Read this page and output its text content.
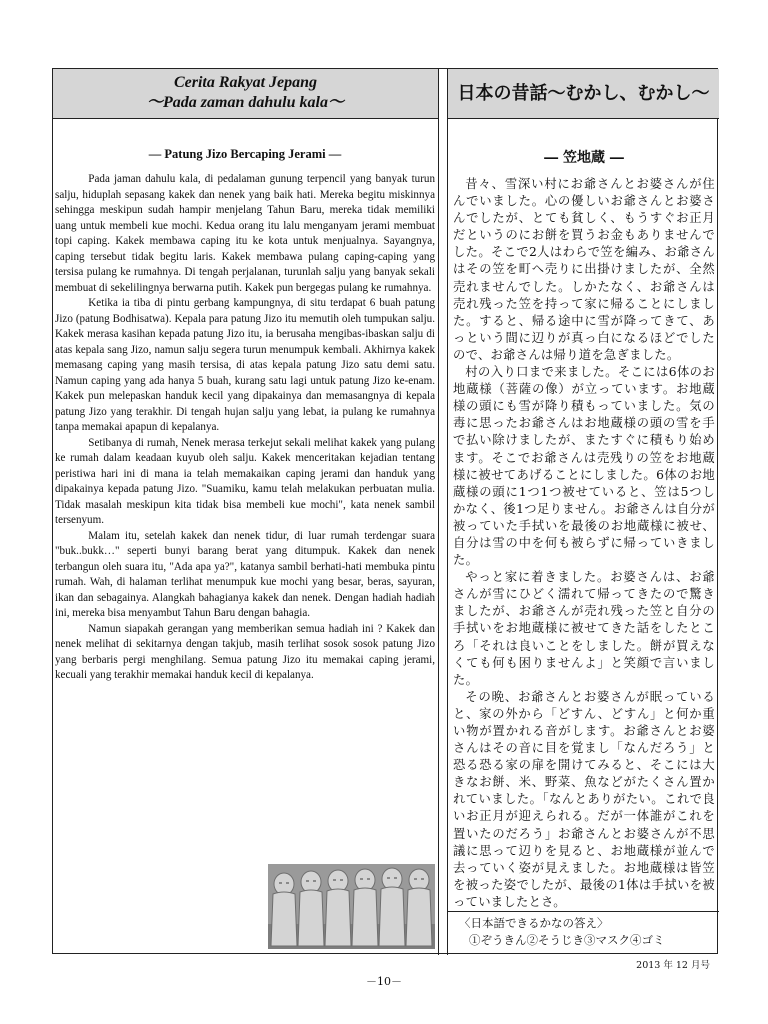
Cerita Rakyat Jepang
～Pada zaman dahulu kala～	日本の昔話～むかし、むかし～
― Patung Jizo Bercaping Jerami ―

Pada jaman dahulu kala, di pedalaman gunung terpencil yang banyak turun salju, hiduplah sepasang kakek dan nenek yang baik hati. Mereka begitu miskinnya sehingga meskipun sudah hampir menjelang Tahun Baru, mereka tidak memiliki uang untuk membeli kue mochi. Kedua orang itu lalu menganyam jerami membuat topi caping. Kakek membawa caping itu ke kota untuk menjualnya. Sayangnya, caping tersebut tidak begitu laris. Kakek membawa pulang caping-caping yang tersisa pulang ke rumahnya. Di tengah perjalanan, turunlah salju yang banyak sekali membuat di sekelilingnya berwarna putih. Kakek pun bergegas pulang ke rumahnya.

Ketika ia tiba di pintu gerbang kampungnya, di situ terdapat 6 buah patung Jizo (patung Bodhisatwa). Kepala para patung Jizo itu memutih oleh tumpukan salju. Kakek merasa kasihan kepada patung Jizo itu, ia berusaha mengibas-ibaskan salju di atas kepala sang Jizo, namun salju segera turun menumpuk kembali. Akhirnya kakek memasang caping yang masih tersisa, di atas kepala patung Jizo satu demi satu. Namun caping yang ada hanya 5 buah, kurang satu lagi untuk patung Jizo ke-enam. Kakek pun melepaskan handuk kecil yang dipakainya dan memasangnya di kepala patung Jizo yang terakhir. Di tengah hujan salju yang lebat, ia pulang ke rumahnya tanpa memakai apapun di kepalanya.

Setibanya di rumah, Nenek merasa terkejut sekali melihat kakek yang pulang ke rumah dalam keadaan kuyub oleh salju. Kakek menceritakan kejadian tentang peristiwa hari ini di mana ia telah memakaikan caping jerami dan handuk yang dipakainya kepada patung Jizo. "Suamiku, kamu telah melakukan perbuatan mulia. Tidak masalah meskipun kita tidak bisa membeli kue mochi", kata nenek sambil tersenyum.

Malam itu, setelah kakek dan nenek tidur, di luar rumah terdengar suara "buk..bukk…" seperti bunyi barang berat yang ditumpuk. Kakek dan nenek terbangun oleh suara itu, "Ada apa ya?", katanya sambil berhati-hati membuka pintu rumah. Wah, di halaman terlihat menumpuk kue mochi yang besar, beras, sayuran, ikan dan sebagainya. Alangkah bahagianya kakek dan nenek. Dengan hadiah hadiah ini, mereka bisa menyambut Tahun Baru dengan bahagia.

Namun siapakah gerangan yang memberikan semua hadiah ini ? Kakek dan nenek melihat di sekitarnya dengan takjub, masih terlihat sosok sosok patung Jizo yang berbaris pergi menghilang. Semua patung Jizo itu memakai caping jerami, kecuali yang terakhir memakai handuk kecil di kepalanya.

― 笠地蔵 ―

昔々、雪深い村にお爺さんとお婆さんが住んでいました。心の優しいお爺さんとお婆さんでしたが、とても貧しく、もうすぐお正月だというのにお餅を買うお金もありませんでした。そこで2人はわらで笠を編み、お爺さんはその笠を町へ売りに出掛けましたが、全然売れませんでした。しかたなく、お爺さんは売れ残った笠を持って家に帰ることにしました。すると、帰る途中に雪が降ってきて、あっという間に辺りが真っ白になるほどでしたので、お爺さんは帰り道を急ぎました。

村の入り口まで来ました。そこには6体のお地蔵様（菩薩の像）が立っています。お地蔵様の頭にも雪が降り積もっていました。気の毒に思ったお爺さんはお地蔵様の頭の雪を手で払い除けましたが、またすぐに積もり始めます。そこでお爺さんは売残りの笠をお地蔵様に被せてあげることにしました。6体のお地蔵様の頭に1つ1つ被せていると、笠は5つしかなく、後1つ足りません。お爺さんは自分が被っていた手拭いを最後のお地蔵様に被せ、自分は雪の中を何も被らずに帰っていきました。

やっと家に着きました。お婆さんは、お爺さんが雪にひどく濡れて帰ってきたので驚きましたが、お爺さんが売れ残った笠と自分の手拭いをお地蔵様に被せてきた話をしたところ「それは良いことをしました。餅が買えなくても何も困りませんよ」と笑顔で言いました。

その晩、お爺さんとお婆さんが眠っていると、家の外から「どすん、どすん」と何か重い物が置かれる音がします。お爺さんとお婆さんはその音に目を覚まし「なんだろう」と恐る恐る家の扉を開けてみると、そこには大きなお餅、米、野菜、魚などがたくさん置かれていました。「なんとありがたい。これで良いお正月が迎えられる。だが一体誰がこれを置いたのだろう」お爺さんとお婆さんが不思議に思って辺りを見ると、お地蔵様が並んで去っていく姿が見えました。お地蔵様は皆笠を被った姿でしたが、最後の1体は手拭いを被っていましたとさ。

〈日本語できるかなの答え〉
①ぞうきん②そうじき③マスク④ゴミ
2013 年 12 月号
－10－
